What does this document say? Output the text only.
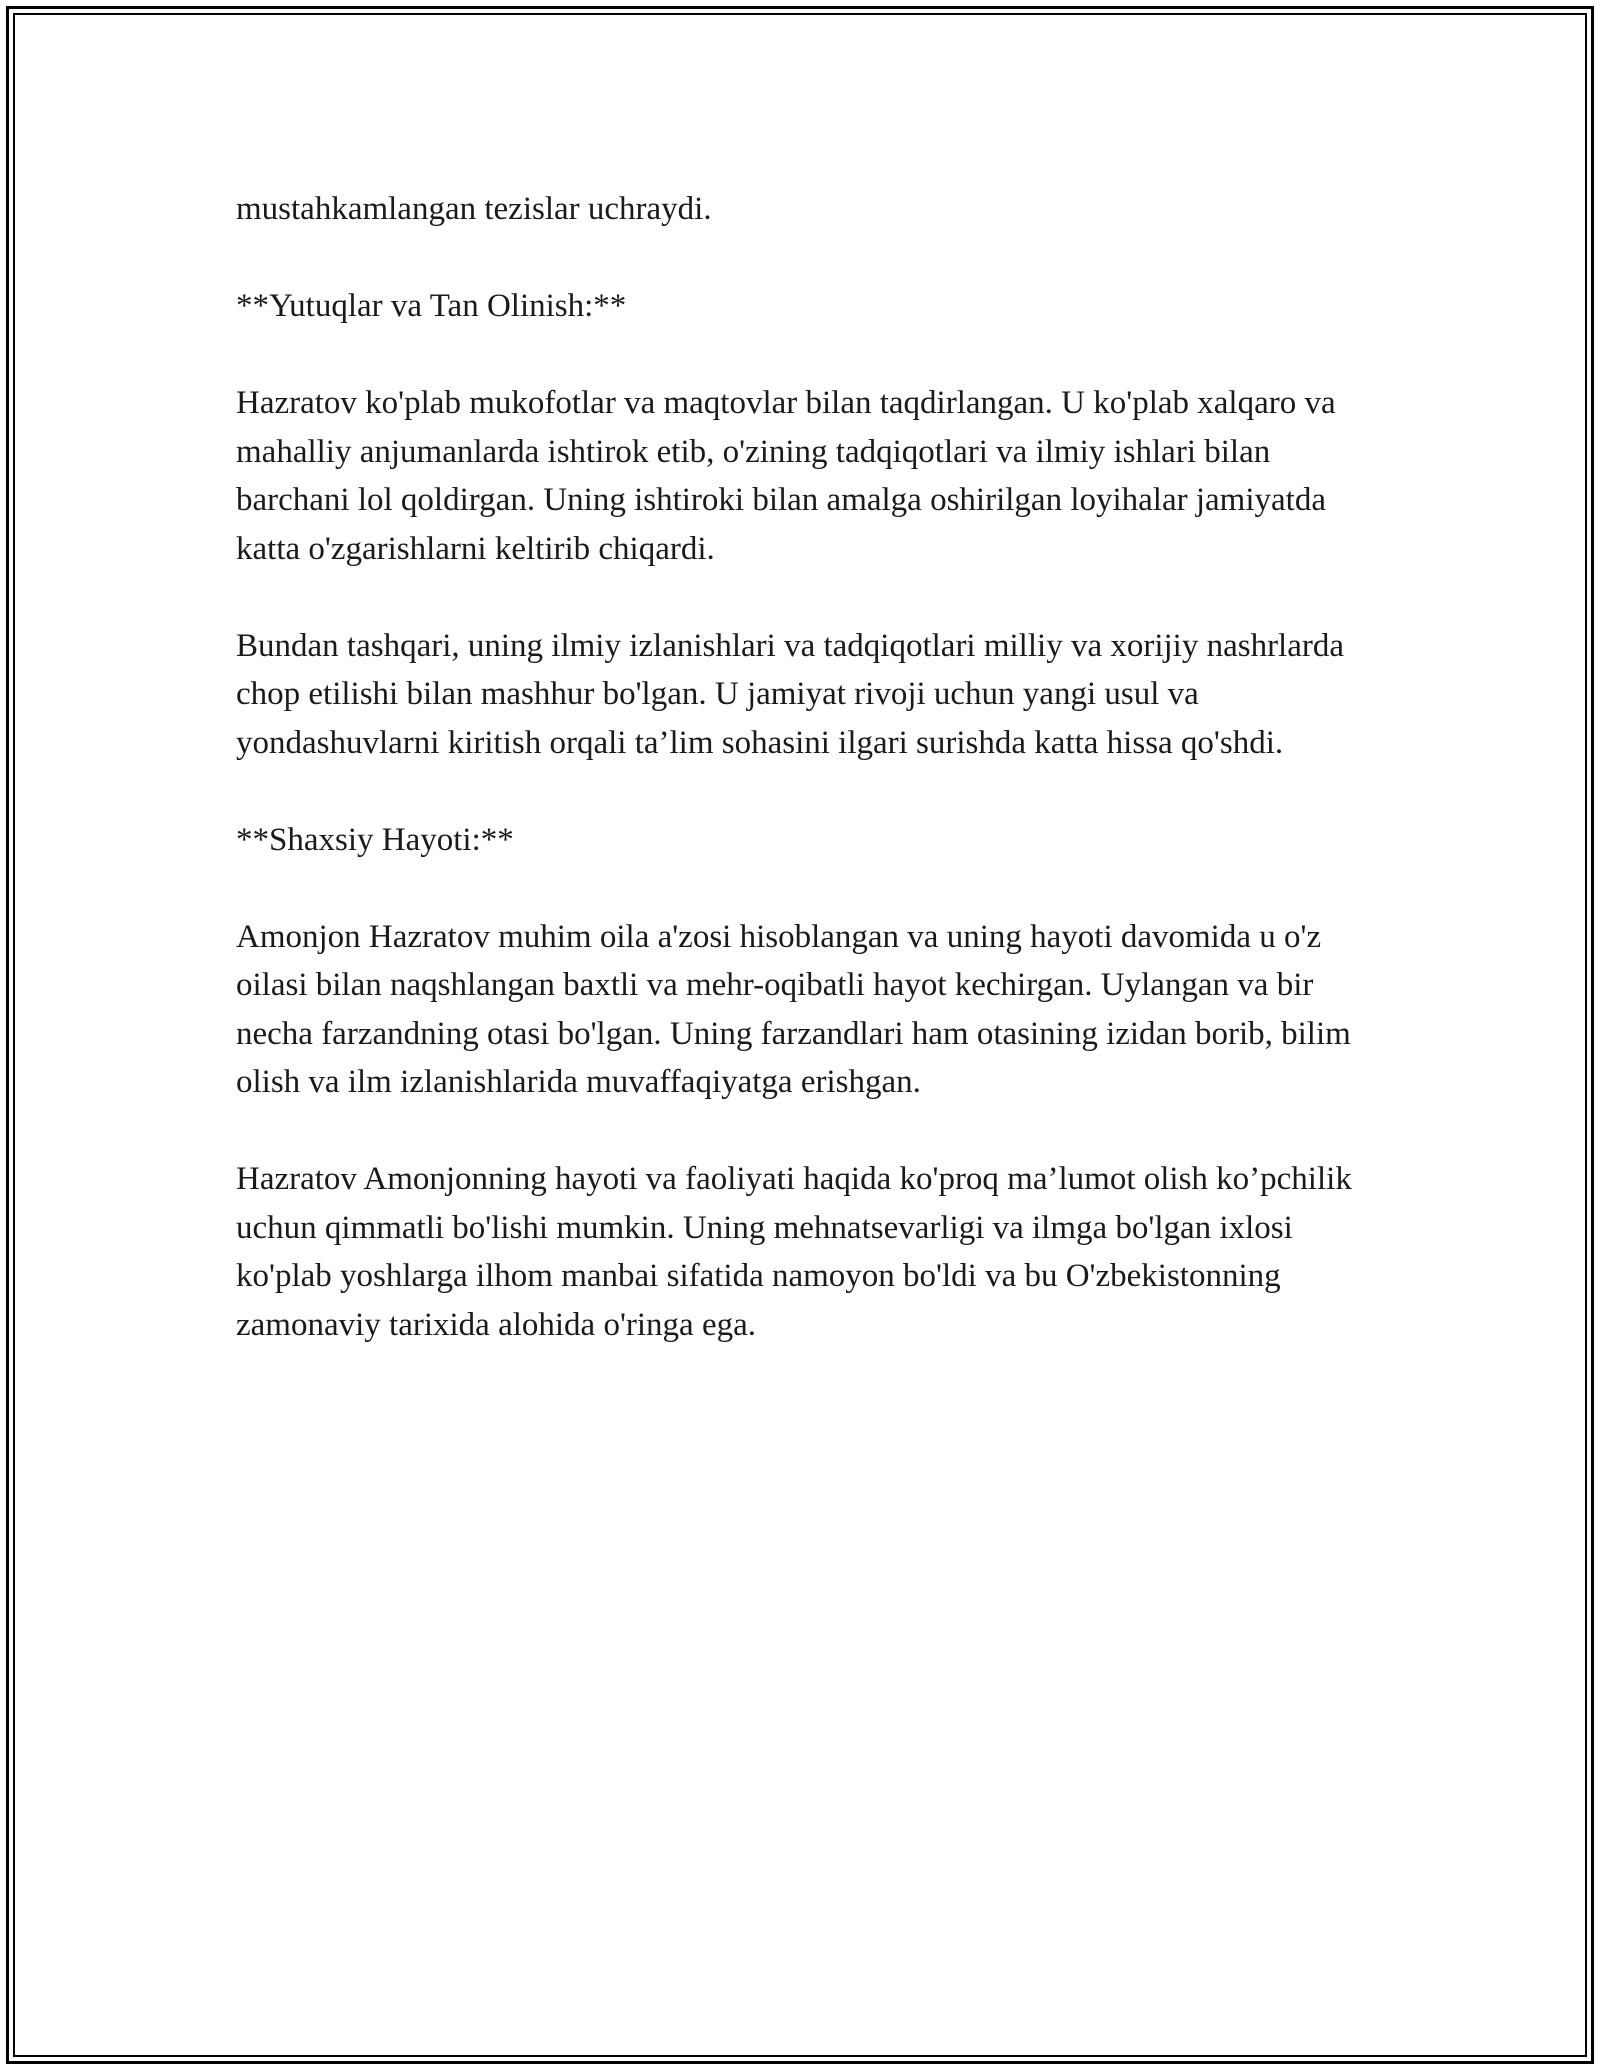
mustahkamlangan tezislar uchraydi.

**Yutuqlar va Tan Olinish:**

Hazratov ko'plab mukofotlar va maqtovlar bilan taqdirlangan. U ko'plab xalqaro va mahalliy anjumanlarda ishtirok etib, o'zining tadqiqotlari va ilmiy ishlari bilan barchani lol qoldirgan. Uning ishtiroki bilan amalga oshirilgan loyihalar jamiyatda katta o'zgarishlarni keltirib chiqardi.

Bundan tashqari, uning ilmiy izlanishlari va tadqiqotlari milliy va xorijiy nashrlarda chop etilishi bilan mashhur bo'lgan. U jamiyat rivoji uchun yangi usul va yondashuvlarni kiritish orqali ta’lim sohasini ilgari surishda katta hissa qo'shdi.

**Shaxsiy Hayoti:**

Amonjon Hazratov muhim oila a'zosi hisoblangan va uning hayoti davomida u o'z oilasi bilan naqshlangan baxtli va mehr-oqibatli hayot kechirgan. Uylangan va bir necha farzandning otasi bo'lgan. Uning farzandlari ham otasining izidan borib, bilim olish va ilm izlanishlarida muvaffaqiyatga erishgan.

Hazratov Amonjonning hayoti va faoliyati haqida ko'proq ma’lumot olish ko’pchilik uchun qimmatli bo'lishi mumkin. Uning mehnatsevarligi va ilmga bo'lgan ixlosi ko'plab yoshlarga ilhom manbai sifatida namoyon bo'ldi va bu O'zbekistonning zamonaviy tarixida alohida o'ringa ega.
